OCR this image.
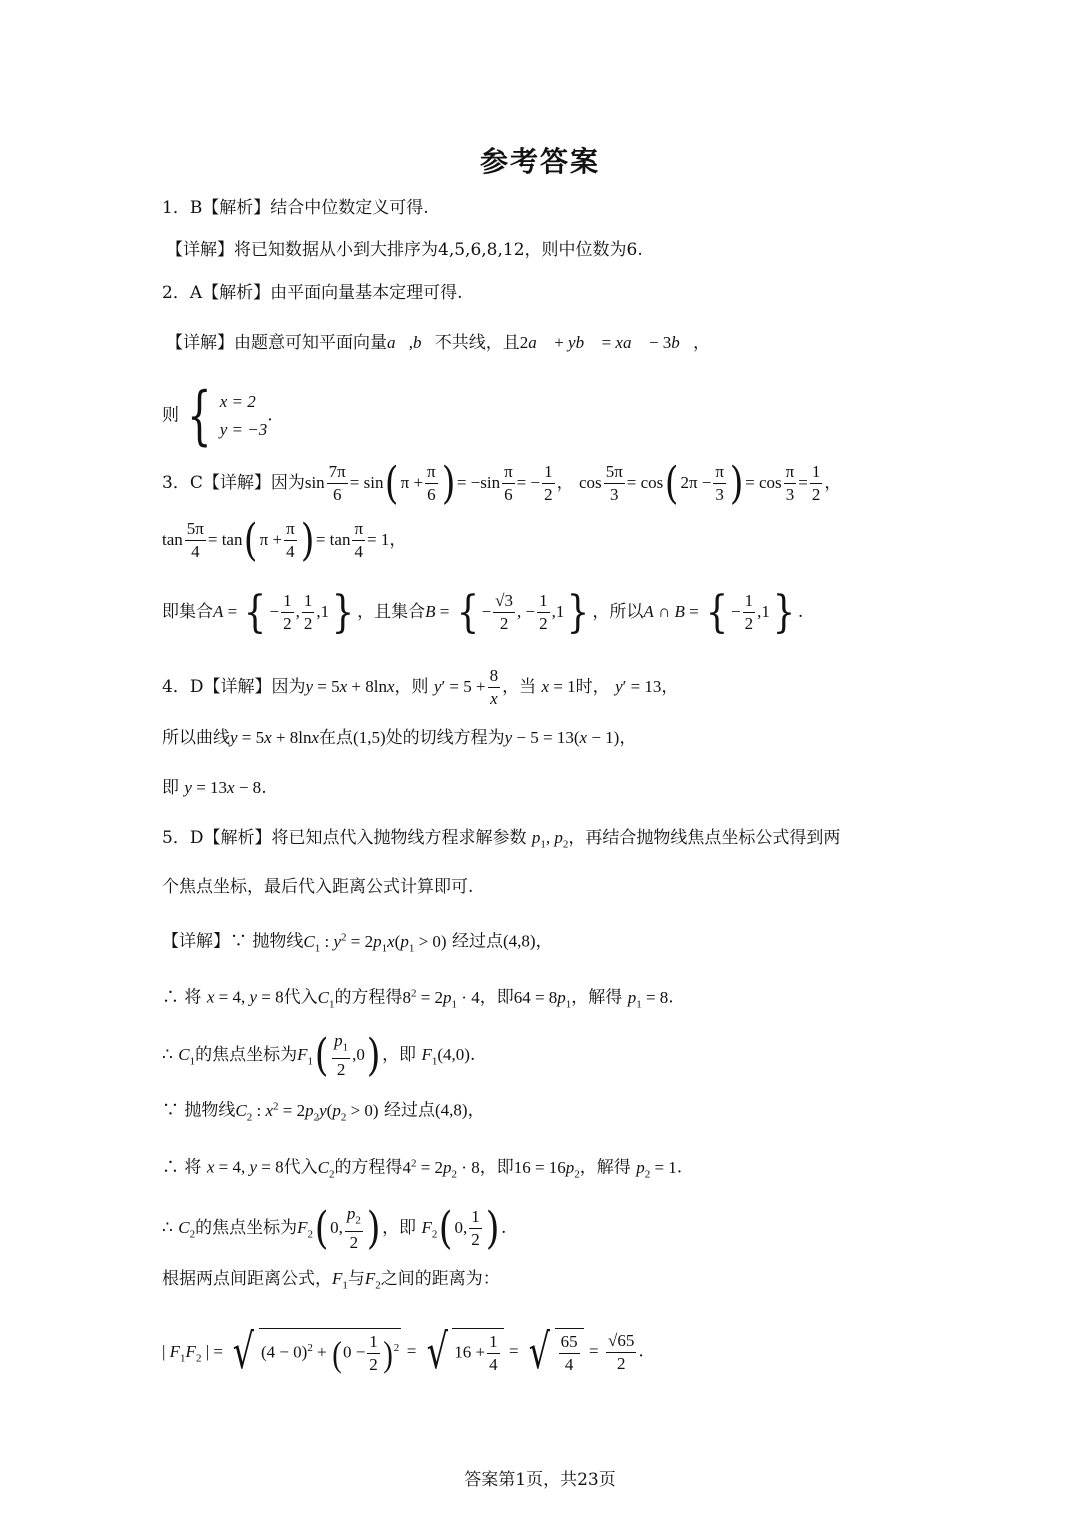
参考答案
1．B【解析】结合中位数定义可得.
【详解】将已知数据从小到大排序为4,5,6,8,12，则中位数为6.
2．A【解析】由平面向量基本定理可得.
【详解】由题意可知平面向量a⃗,b⃗不共线，且2a⃗ + yb⃗ = xa⃗ − 3b⃗，
则 { x = 2
y = −3.
3．C【详解】因为$\sin \frac{7\pi}{6} = \sin$( $\pi + \frac{\pi}{6}$ ) = $-\sin \frac{\pi}{6}$ = − $\frac{1}{2}$ ， $\cos \frac{5\pi}{3} = \cos$( $2\pi - \frac{\pi}{3}$ ) = $\cos \frac{\pi}{3} = \frac{1}{2}$ ，
$\tan \frac{5\pi}{4} = \tan$( $\pi + \frac{\pi}{4}$ ) = $\tan \frac{\pi}{4} = 1$，
即集合A = { − $\frac{1}{2}$ , $\frac{1}{2} ,1$} ，且集合B = { − $\frac{√3}{2}$ , − $\frac{1}{2} ,1$} ，所以A ∩ B = { − $\frac{1}{2} ,1$} .
4．D【详解】因为y = 5x + 8lnx，则 $y' = 5 + \frac{8}{x}$ ，当 x = 1时， y′ = 13，
所以曲线y = 5x + 8lnx在点(1,5)处的切线方程为y − 5 = 13(x − 1)，
即 y = 13x − 8.
5．D【解析】将已知点代入抛物线方程求解参数 $p_1$, $p_2$，再结合抛物线焦点坐标公式得到两
个焦点坐标，最后代入距离公式计算即可.
【详解】∵ 抛物线$C_1$ : $y^2 = 2p_1x(p_1 > 0)$ 经过点(4,8)，
∴ 将 x = 4, y = 8代入$C_1$的方程得$8^2 = 2p_1 \cdot 4$，即$64 = 8p_1$，解得 $p_1 = 8$.
∴ $C_1$的焦点坐标为$F_1( \frac{p_1}{2} ,0)$ ，即 $F_1(4,0)$.
∵ 抛物线$C_2$ : $x^2 = 2p_2y(p_2 > 0)$ 经过点(4,8)，
∴ 将 x = 4, y = 8代入$C_2$的方程得$4^2 = 2p_2 \cdot 8$，即$16 = 16p_2$，解得 $p_2 = 1$.
∴ $C_2$的焦点坐标为$F_2$( 0, $\frac{p_2}{2}$ ) ，即 $F_2$( 0, $\frac{1}{2}$ ) .
根据两点间距离公式，$F_1$与$F_2$之间的距离为：
| $F_1F_2$ | = √ $(4 - 0)^2 + (0 - \frac{1}{2} )^2$ = √ $16 + \frac{1}{4}$ = √ $\frac{65}{4} = \frac{√65}{2}$ .
答案第1页，共23页
